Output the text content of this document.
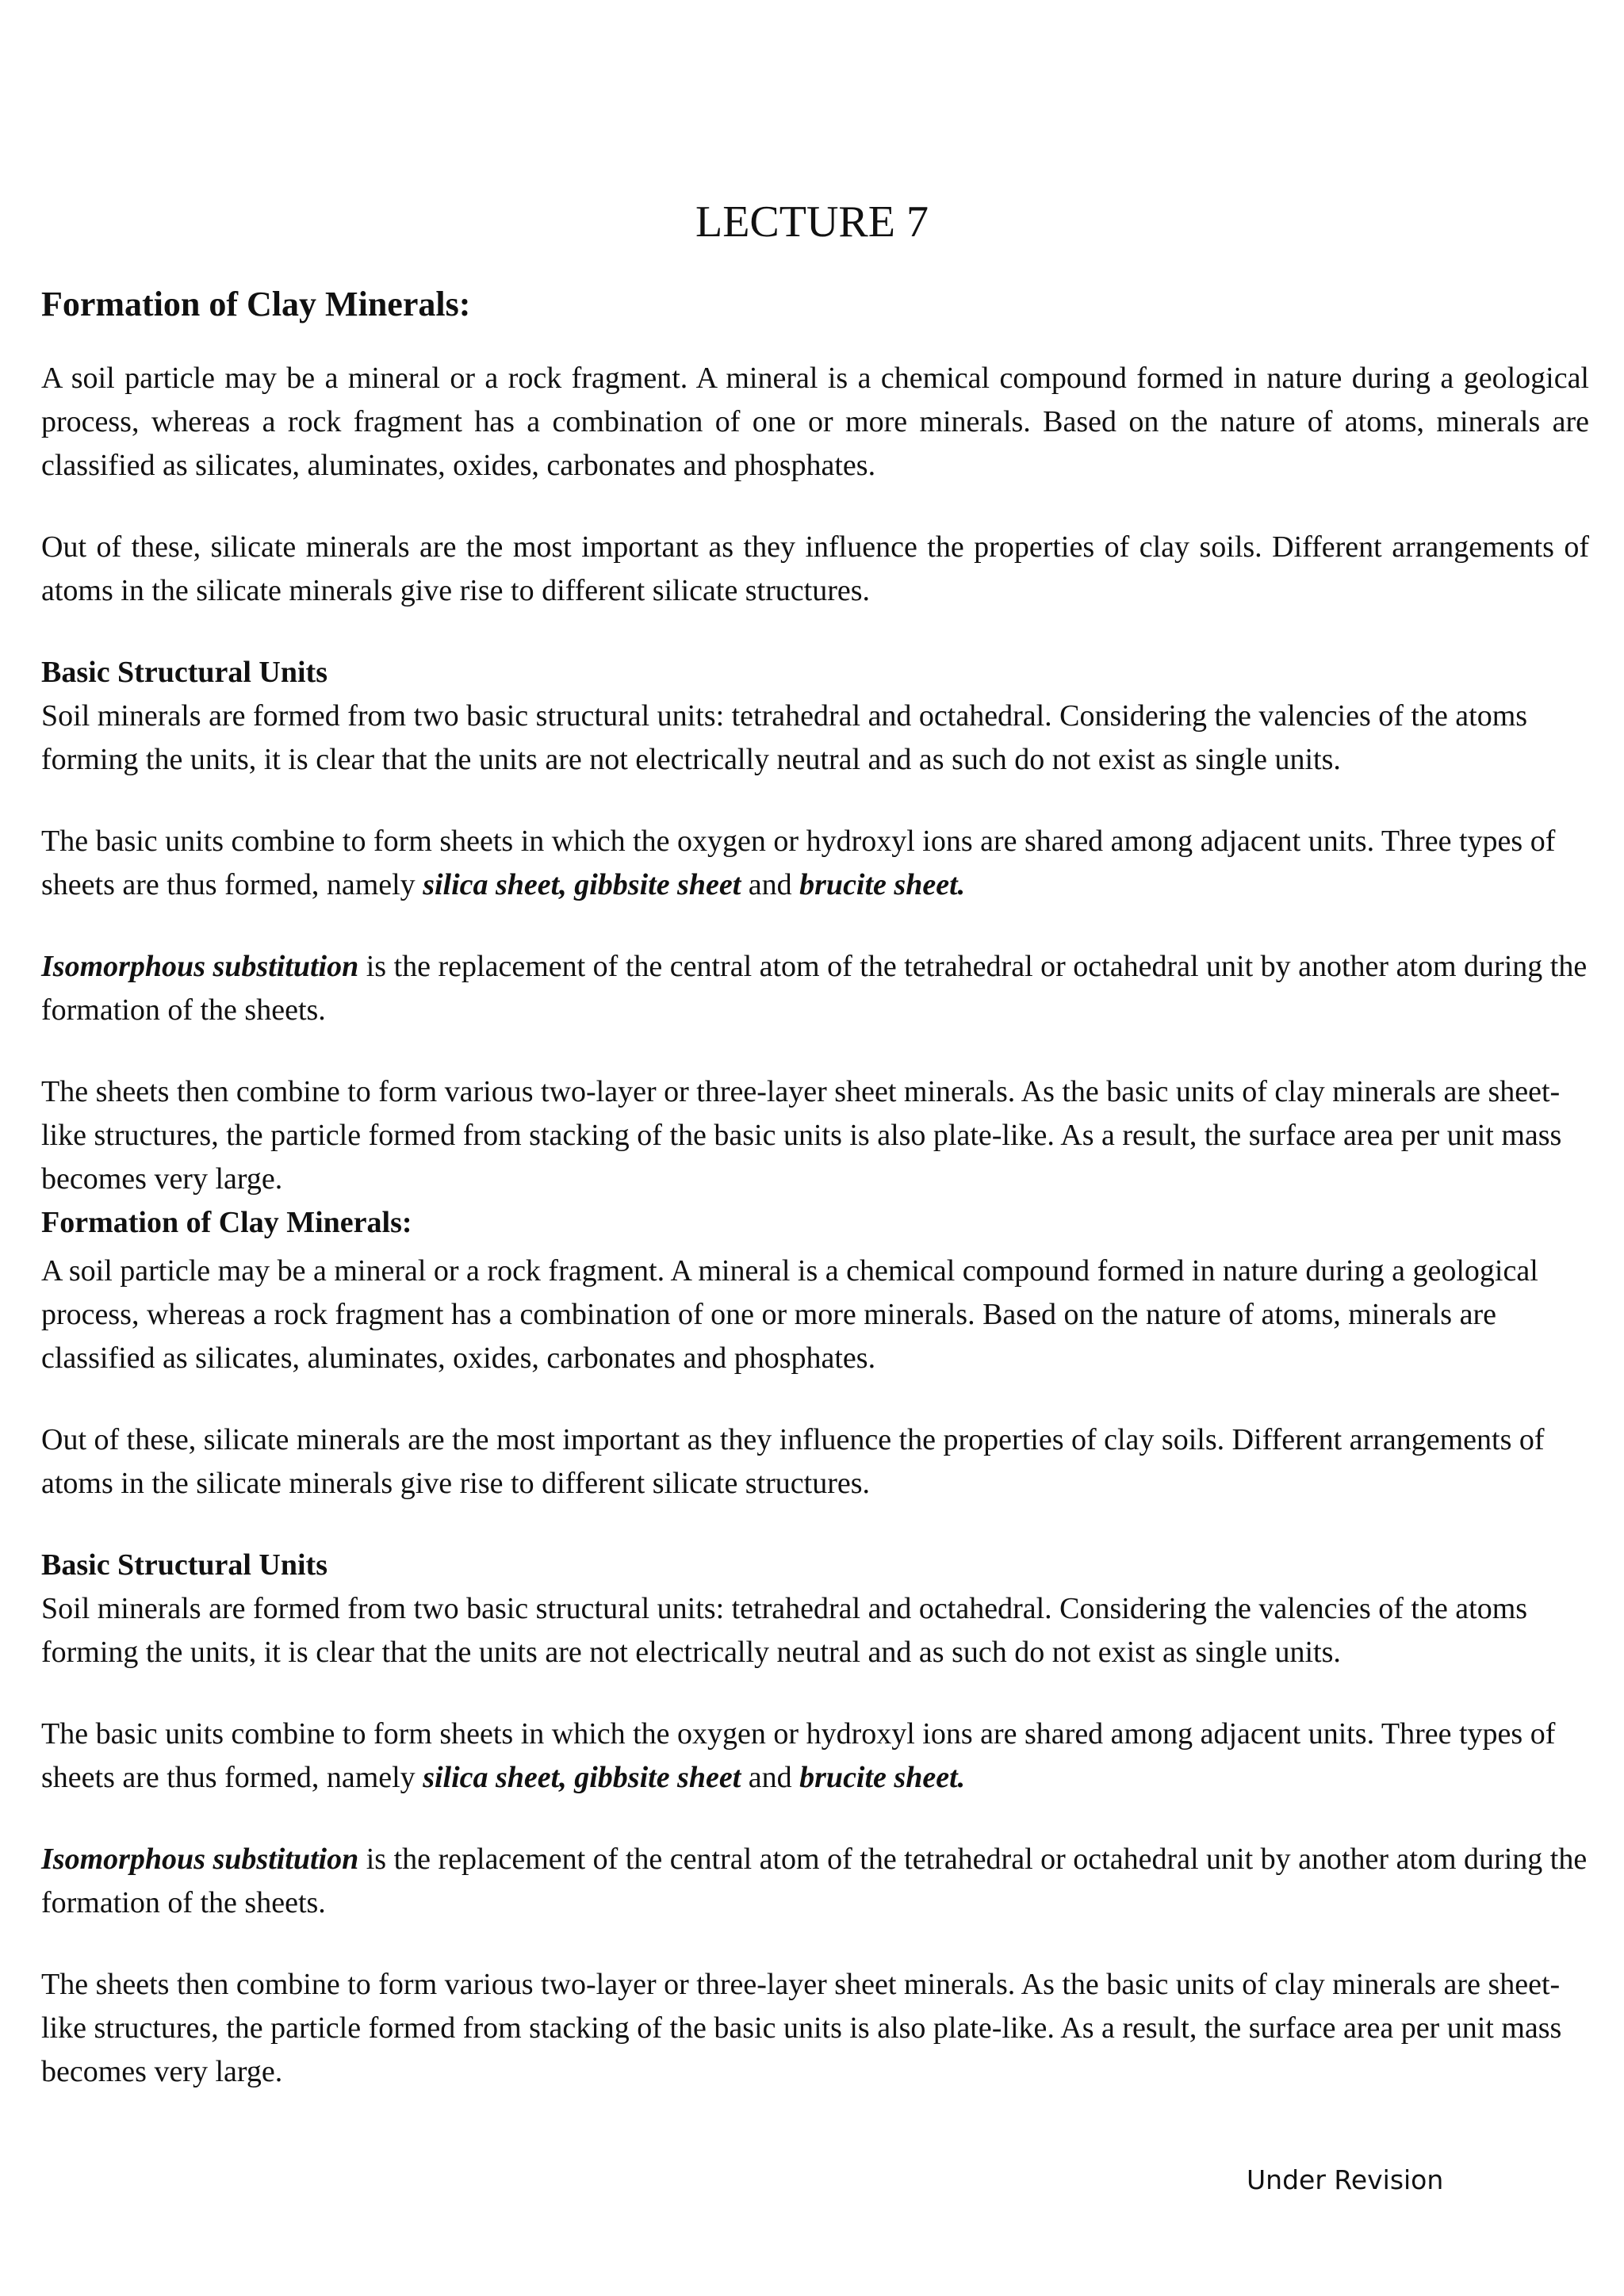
LECTURE 7
Formation of Clay Minerals:

A soil particle may be a mineral or a rock fragment. A mineral is a chemical compound formed in nature during a geological process, whereas a rock fragment has a combination of one or more minerals. Based on the nature of atoms, minerals are classified as silicates, aluminates, oxides, carbonates and phosphates.

Out of these, silicate minerals are the most important as they influence the properties of clay soils. Different arrangements of atoms in the silicate minerals give rise to different silicate structures.

Basic Structural Units

Soil minerals are formed from two basic structural units: tetrahedral and octahedral. Considering the valencies of the atoms forming the units, it is clear that the units are not electrically neutral and as such do not exist as single units.

The basic units combine to form sheets in which the oxygen or hydroxyl ions are shared among adjacent units. Three types of sheets are thus formed, namely silica sheet, gibbsite sheet and brucite sheet.

Isomorphous substitution is the replacement of the central atom of the tetrahedral or octahedral unit by another atom during the formation of the sheets.

The sheets then combine to form various two-layer or three-layer sheet minerals. As the basic units of clay minerals are sheet-like structures, the particle formed from stacking of the basic units is also plate-like. As a result, the surface area per unit mass becomes very large.

Formation of Clay Minerals:

A soil particle may be a mineral or a rock fragment. A mineral is a chemical compound formed in nature during a geological process, whereas a rock fragment has a combination of one or more minerals. Based on the nature of atoms, minerals are classified as silicates, aluminates, oxides, carbonates and phosphates.

Out of these, silicate minerals are the most important as they influence the properties of clay soils. Different arrangements of atoms in the silicate minerals give rise to different silicate structures.

Basic Structural Units

Soil minerals are formed from two basic structural units: tetrahedral and octahedral. Considering the valencies of the atoms forming the units, it is clear that the units are not electrically neutral and as such do not exist as single units.

The basic units combine to form sheets in which the oxygen or hydroxyl ions are shared among adjacent units. Three types of sheets are thus formed, namely silica sheet, gibbsite sheet and brucite sheet.

Isomorphous substitution is the replacement of the central atom of the tetrahedral or octahedral unit by another atom during the formation of the sheets.

The sheets then combine to form various two-layer or three-layer sheet minerals. As the basic units of clay minerals are sheet-like structures, the particle formed from stacking of the basic units is also plate-like. As a result, the surface area per unit mass becomes very large.

Under Revision
